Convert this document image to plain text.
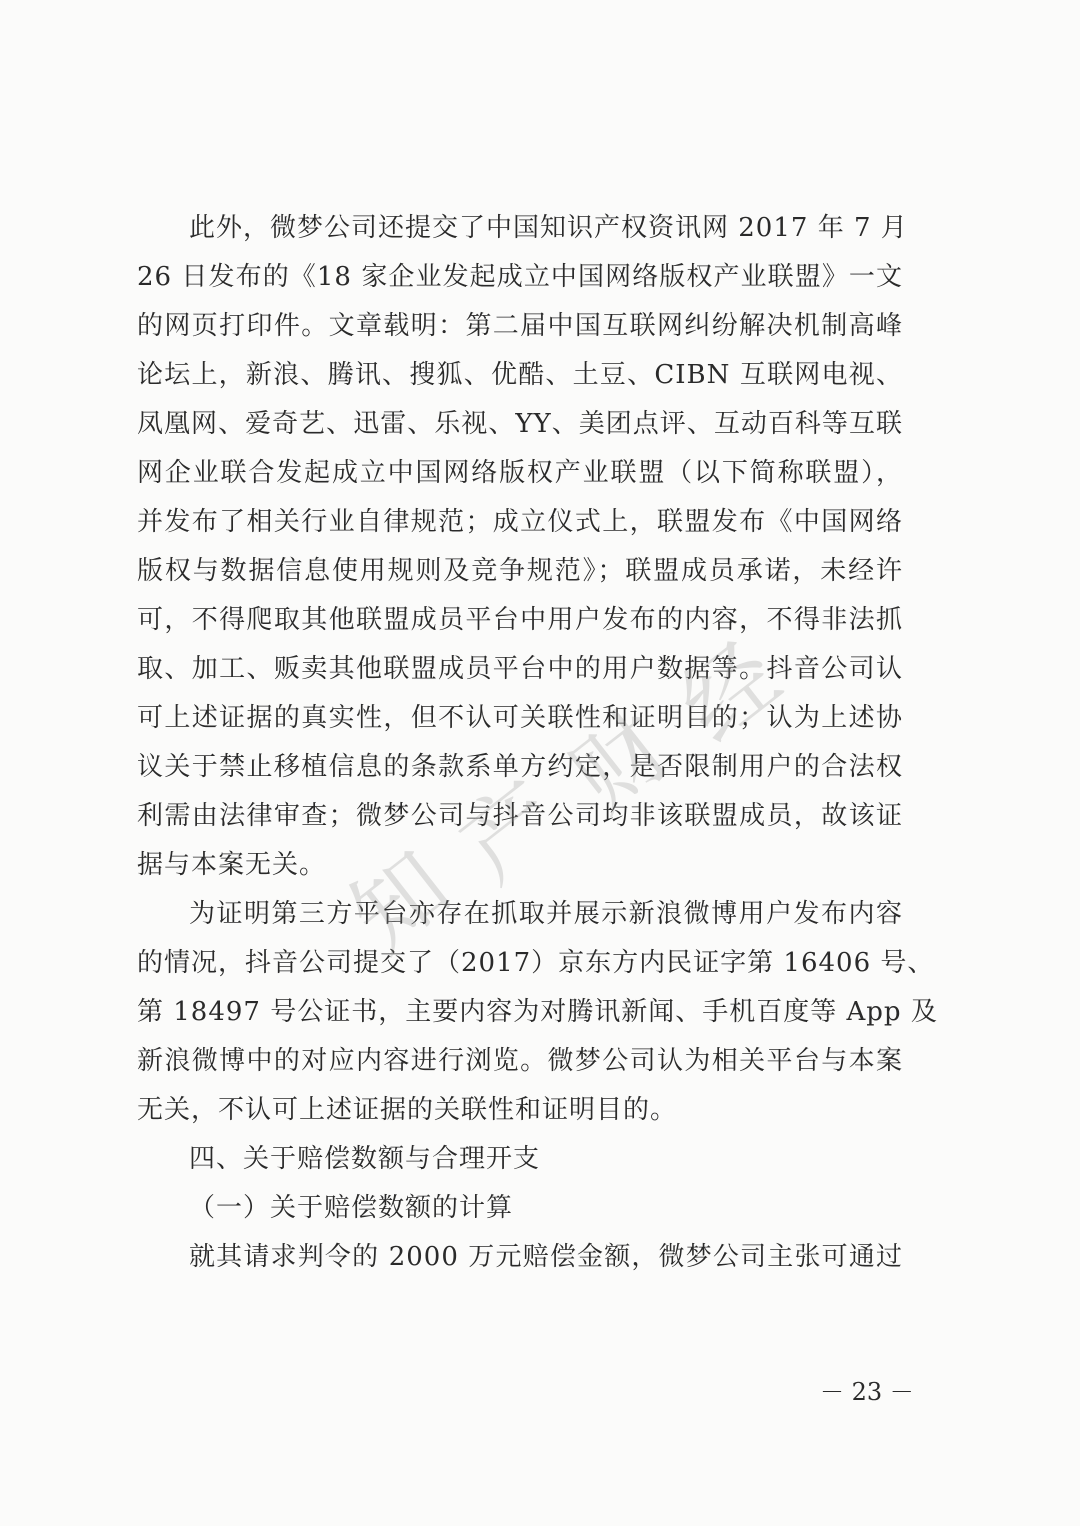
此外，微梦公司还提交了中国知识产权资讯网 2017 年 7 月
26 日发布的《18 家企业发起成立中国网络版权产业联盟》一文
的网页打印件。文章载明：第二届中国互联网纠纷解决机制高峰
论坛上，新浪、腾讯、搜狐、优酷、土豆、CIBN 互联网电视、
凤凰网、爱奇艺、迅雷、乐视、YY、美团点评、互动百科等互联
网企业联合发起成立中国网络版权产业联盟（以下简称联盟），
并发布了相关行业自律规范；成立仪式上，联盟发布《中国网络
版权与数据信息使用规则及竞争规范》；联盟成员承诺，未经许
可，不得爬取其他联盟成员平台中用户发布的内容，不得非法抓
取、加工、贩卖其他联盟成员平台中的用户数据等。抖音公司认
可上述证据的真实性，但不认可关联性和证明目的；认为上述协
议关于禁止移植信息的条款系单方约定，是否限制用户的合法权
利需由法律审查；微梦公司与抖音公司均非该联盟成员，故该证
据与本案无关。
为证明第三方平台亦存在抓取并展示新浪微博用户发布内容
的情况，抖音公司提交了（2017）京东方内民证字第 16406 号、
第 18497 号公证书，主要内容为对腾讯新闻、手机百度等 App 及
新浪微博中的对应内容进行浏览。微梦公司认为相关平台与本案
无关，不认可上述证据的关联性和证明目的。
四、关于赔偿数额与合理开支
（一）关于赔偿数额的计算
就其请求判令的 2000 万元赔偿金额，微梦公司主张可通过
－ 23 －
知
产
财
经
